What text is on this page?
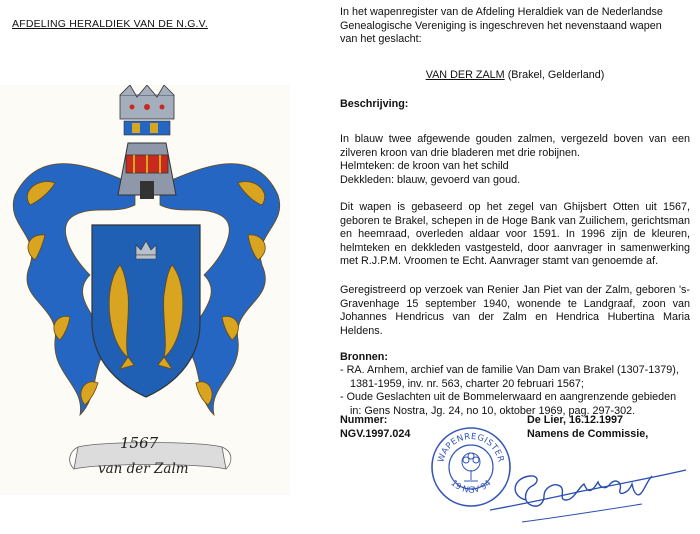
AFDELING HERALDIEK VAN DE N.G.V.
In het wapenregister van de Afdeling Heraldiek van de Nederlandse
Genealogische Vereniging is ingeschreven het nevenstaand wapen
van het geslacht:
VAN DER ZALM (Brakel, Gelderland)
Beschrijving:

In blauw twee afgewende gouden zalmen, vergezeld boven van een zilveren kroon van drie bladeren met drie robijnen.

Helmteken: de kroon van het schild

Dekkleden: blauw, gevoerd van goud.

Dit wapen is gebaseerd op het zegel van Ghijsbert Otten uit 1567, geboren te Brakel, schepen in de Hoge Bank van Zuilichem, gerichtsman en heemraad, overleden aldaar voor 1591. In 1996 zijn de kleuren, helmteken en dekkleden vastgesteld, door aanvrager in samenwerking met R.J.P.M. Vroomen te Echt. Aanvrager stamt van genoemde af.
Geregistreerd op verzoek van Renier Jan Piet van der Zalm, geboren 's-Gravenhage 15 september 1940, wonende te Landgraaf, zoon van Johannes Hendricus van der Zalm en Hendrica Hubertina Maria Heldens.
Bronnen:
- RA. Arnhem, archief van de familie Van Dam van Brakel (1307-1379), 1381-1959, inv. nr. 563, charter 20 februari 1567;
- Oude Geslachten uit de Bommelerwaard en aangrenzende gebieden in: Gens Nostra, Jg. 24, no 10, oktober 1969, pag. 297-302.
Nummer:
NGV.1997.024
De Lier, 16.12.1997
Namens de Commissie,
WAPENREGISTER
19 NGV 94
1567
van der Zalm
